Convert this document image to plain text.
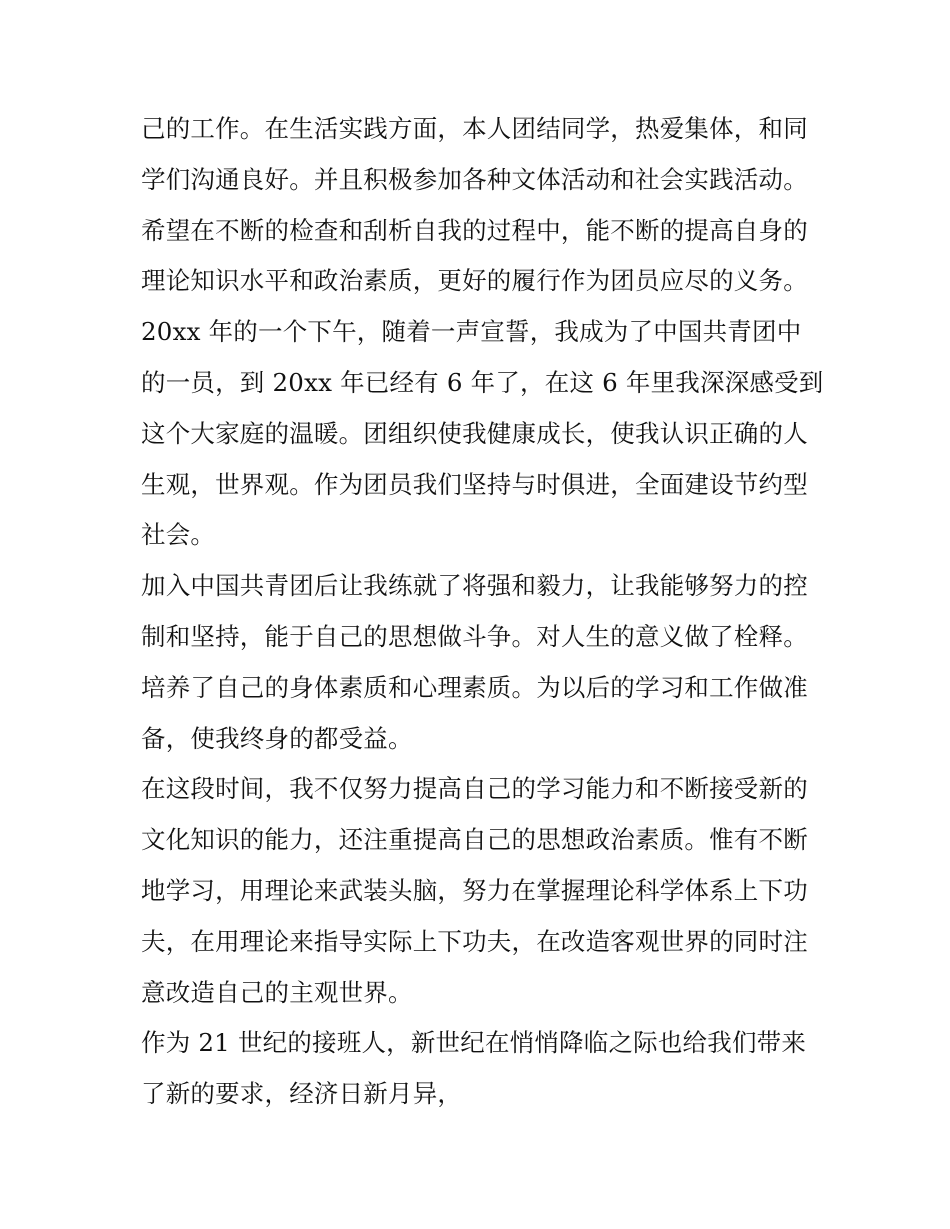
己的工作。在生活实践方面，本人团结同学，热爱集体，和同
学们沟通良好。并且积极参加各种文体活动和社会实践活动。
希望在不断的检查和刮析自我的过程中，能不断的提高自身的
理论知识水平和政治素质，更好的履行作为团员应尽的义务。
20xx 年的一个下午，随着一声宣誓，我成为了中国共青团中
的一员，到 20xx 年已经有 6 年了，在这 6 年里我深深感受到
这个大家庭的温暖。团组织使我健康成长，使我认识正确的人
生观，世界观。作为团员我们坚持与时俱进，全面建设节约型
社会。
加入中国共青团后让我练就了将强和毅力，让我能够努力的控
制和坚持，能于自己的思想做斗争。对人生的意义做了栓释。
培养了自己的身体素质和心理素质。为以后的学习和工作做准
备，使我终身的都受益。
在这段时间，我不仅努力提高自己的学习能力和不断接受新的
文化知识的能力，还注重提高自己的思想政治素质。惟有不断
地学习，用理论来武装头脑，努力在掌握理论科学体系上下功
夫，在用理论来指导实际上下功夫，在改造客观世界的同时注
意改造自己的主观世界。
作为 21 世纪的接班人，新世纪在悄悄降临之际也给我们带来
了新的要求，经济日新月异，
